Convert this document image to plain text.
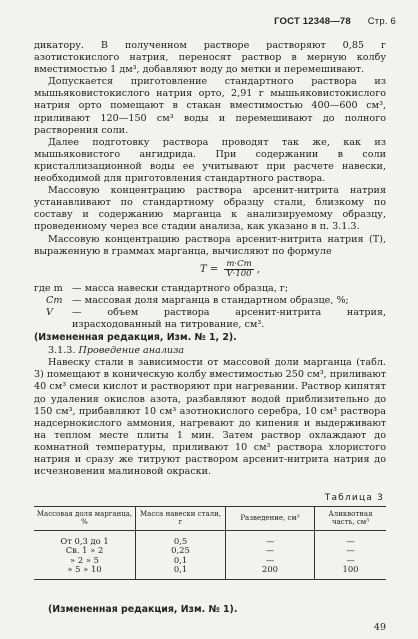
ГОСТ 12348—78 Стр. 6

дикатору. В полученном растворе растворяют 0,85 г азотистокислого натрия, переносят раствор в мерную колбу вместимостью 1 дм³, добавляют воду до метки и перемешивают.

Допускается приготовление стандартного раствора из мышьяковистокислого натрия орто, 2,91 г мышьяковистокислого натрия орто помещают в стакан вместимостью 400—600 см³, приливают 120—150 см³ воды и перемешивают до полного растворения соли.

Далее подготовку раствора проводят так же, как из мышьяковистого ангидрида. При содержании в соли кристаллизационной воды ее учитывают при расчете навески, необходимой для приготовления стандартного раствора.

Массовую концентрацию раствора арсенит-нитрита натрия устанавливают по стандартному образцу стали, близкому по составу и содержанию марганца к анализируемому образцу, проведенному через все стадии анализа, как указано в п. 3.1.3.

Массовую концентрацию раствора арсенит-нитрита натрия (T), выраженную в граммах марганца, вычисляют по формуле

$T = \frac{m\cdot Cm}{V\cdot 100}$ ,
где m — масса навески стандартного образца, г;
Cm — массовая доля марганца в стандартном образце, %;
V	— объем раствора арсенит-нитрита натрия, израсходованный на титрование, см³.

(Измененная редакция, Изм. № 1, 2).

3.1.3. Проведение анализа

Навеску стали в зависимости от массовой доли марганца (табл. 3) помещают в коническую колбу вместимостью 250 см³, приливают 40 см³ смеси кислот и растворяют при нагревании. Раствор кипятят до удаления окислов азота, разбавляют водой приблизительно до 150 см³, прибавляют 10 см³ азотнокислого серебра, 10 см³ раствора надсернокислого аммония, нагревают до кипения и выдерживают на теплом месте плиты 1 мин. Затем раствор охлаждают до комнатной температуры, приливают 10 см³ раствора хлористого натрия и сразу же титруют раствором арсенит-нитрита натрия до исчезновения малиновой окраски.

Таблица 3
Массовая доля марганца, %	Масса навески стали, г	Разведение, см³	Аликвотная часть, см³
От 0,3 до 1	0,5	—	—
Св. 1 » 2	0,25	—	—
» 2 » 5	0,1	—	—
» 5 » 10	0,1	200	100
(Измененная редакция, Изм. № 1).
49
